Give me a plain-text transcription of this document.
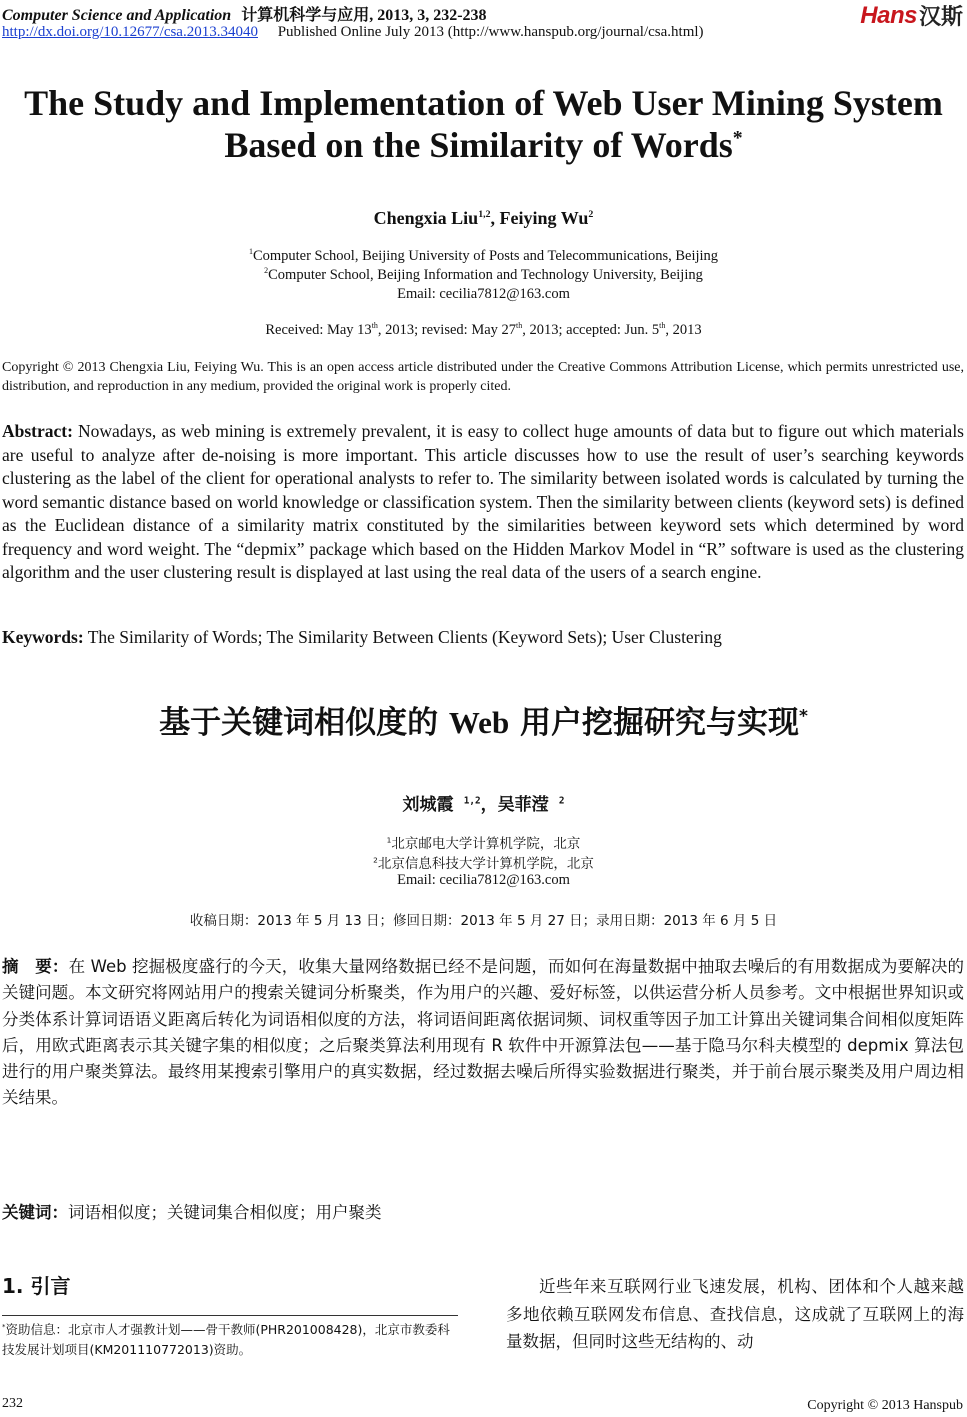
Computer Science and Application 计算机科学与应用, 2013, 3, 232-238
http://dx.doi.org/10.12677/csa.2013.34040 Published Online July 2013 (http://www.hanspub.org/journal/csa.html)
Hans 汉斯
The Study and Implementation of Web User Mining System
Based on the Similarity of Words*
Chengxia Liu$^{1,2}$, Feiying Wu$^2$
$^1$Computer School, Beijing University of Posts and Telecommunications, Beijing
$^2$Computer School, Beijing Information and Technology University, Beijing
Email: cecilia7812@163.com
Received: May 13th, 2013; revised: May 27th, 2013; accepted: Jun. 5th, 2013
Copyright © 2013 Chengxia Liu, Feiying Wu. This is an open access article distributed under the Creative Commons Attribution License, which permits unrestricted use, distribution, and reproduction in any medium, provided the original work is properly cited.
Abstract: Nowadays, as web mining is extremely prevalent, it is easy to collect huge amounts of data but to figure out which materials are useful to analyze after de-noising is more important. This article discusses how to use the result of user’s searching keywords clustering as the label of the client for operational analysts to refer to. The similarity between isolated words is calculated by turning the word semantic distance based on world knowledge or classification system. Then the similarity between clients (keyword sets) is defined as the Euclidean distance of a similarity matrix constituted by the similarities between keyword sets which determined by word frequency and word weight. The “depmix” package which based on the Hidden Markov Model in “R” software is used as the clustering algorithm and the user clustering result is displayed at last using the real data of the users of a search engine.
Keywords: The Similarity of Words; The Similarity Between Clients (Keyword Sets); User Clustering
基于关键词相似度的 Web 用户挖掘研究与实现*
刘城霞 $^{1,2}$，吴菲滢 $^2$
$^1$北京邮电大学计算机学院，北京
$^2$北京信息科技大学计算机学院，北京
Email: cecilia7812@163.com
收稿日期：2013 年 5 月 13 日；修回日期：2013 年 5 月 27 日；录用日期：2013 年 6 月 5 日
摘　要：在 Web 挖掘极度盛行的今天，收集大量网络数据已经不是问题，而如何在海量数据中抽取去噪后的有用数据成为要解决的关键问题。本文研究将网站用户的搜索关键词分析聚类，作为用户的兴趣、爱好标签，以供运营分析人员参考。文中根据世界知识或分类体系计算词语语义距离后转化为词语相似度的方法，将词语间距离依据词频、词权重等因子加工计算出关键词集合间相似度矩阵后，用欧式距离表示其关键字集的相似度；之后聚类算法利用现有 R 软件中开源算法包——基于隐马尔科夫模型的 depmix 算法包进行的用户聚类算法。最终用某搜索引擎用户的真实数据，经过数据去噪后所得实验数据进行聚类，并于前台展示聚类及用户周边相关结果。
关键词：词语相似度；关键词集合相似度；用户聚类
1. 引言
*资助信息：北京市人才强教计划——骨干教师(PHR201008428)，北京市教委科技发展计划项目(KM201110772013)资助。
近些年来互联网行业飞速发展，机构、团体和个人越来越多地依赖互联网发布信息、查找信息，这成就了互联网上的海量数据，但同时这些无结构的、动
232	Copyright © 2013 Hanspub
